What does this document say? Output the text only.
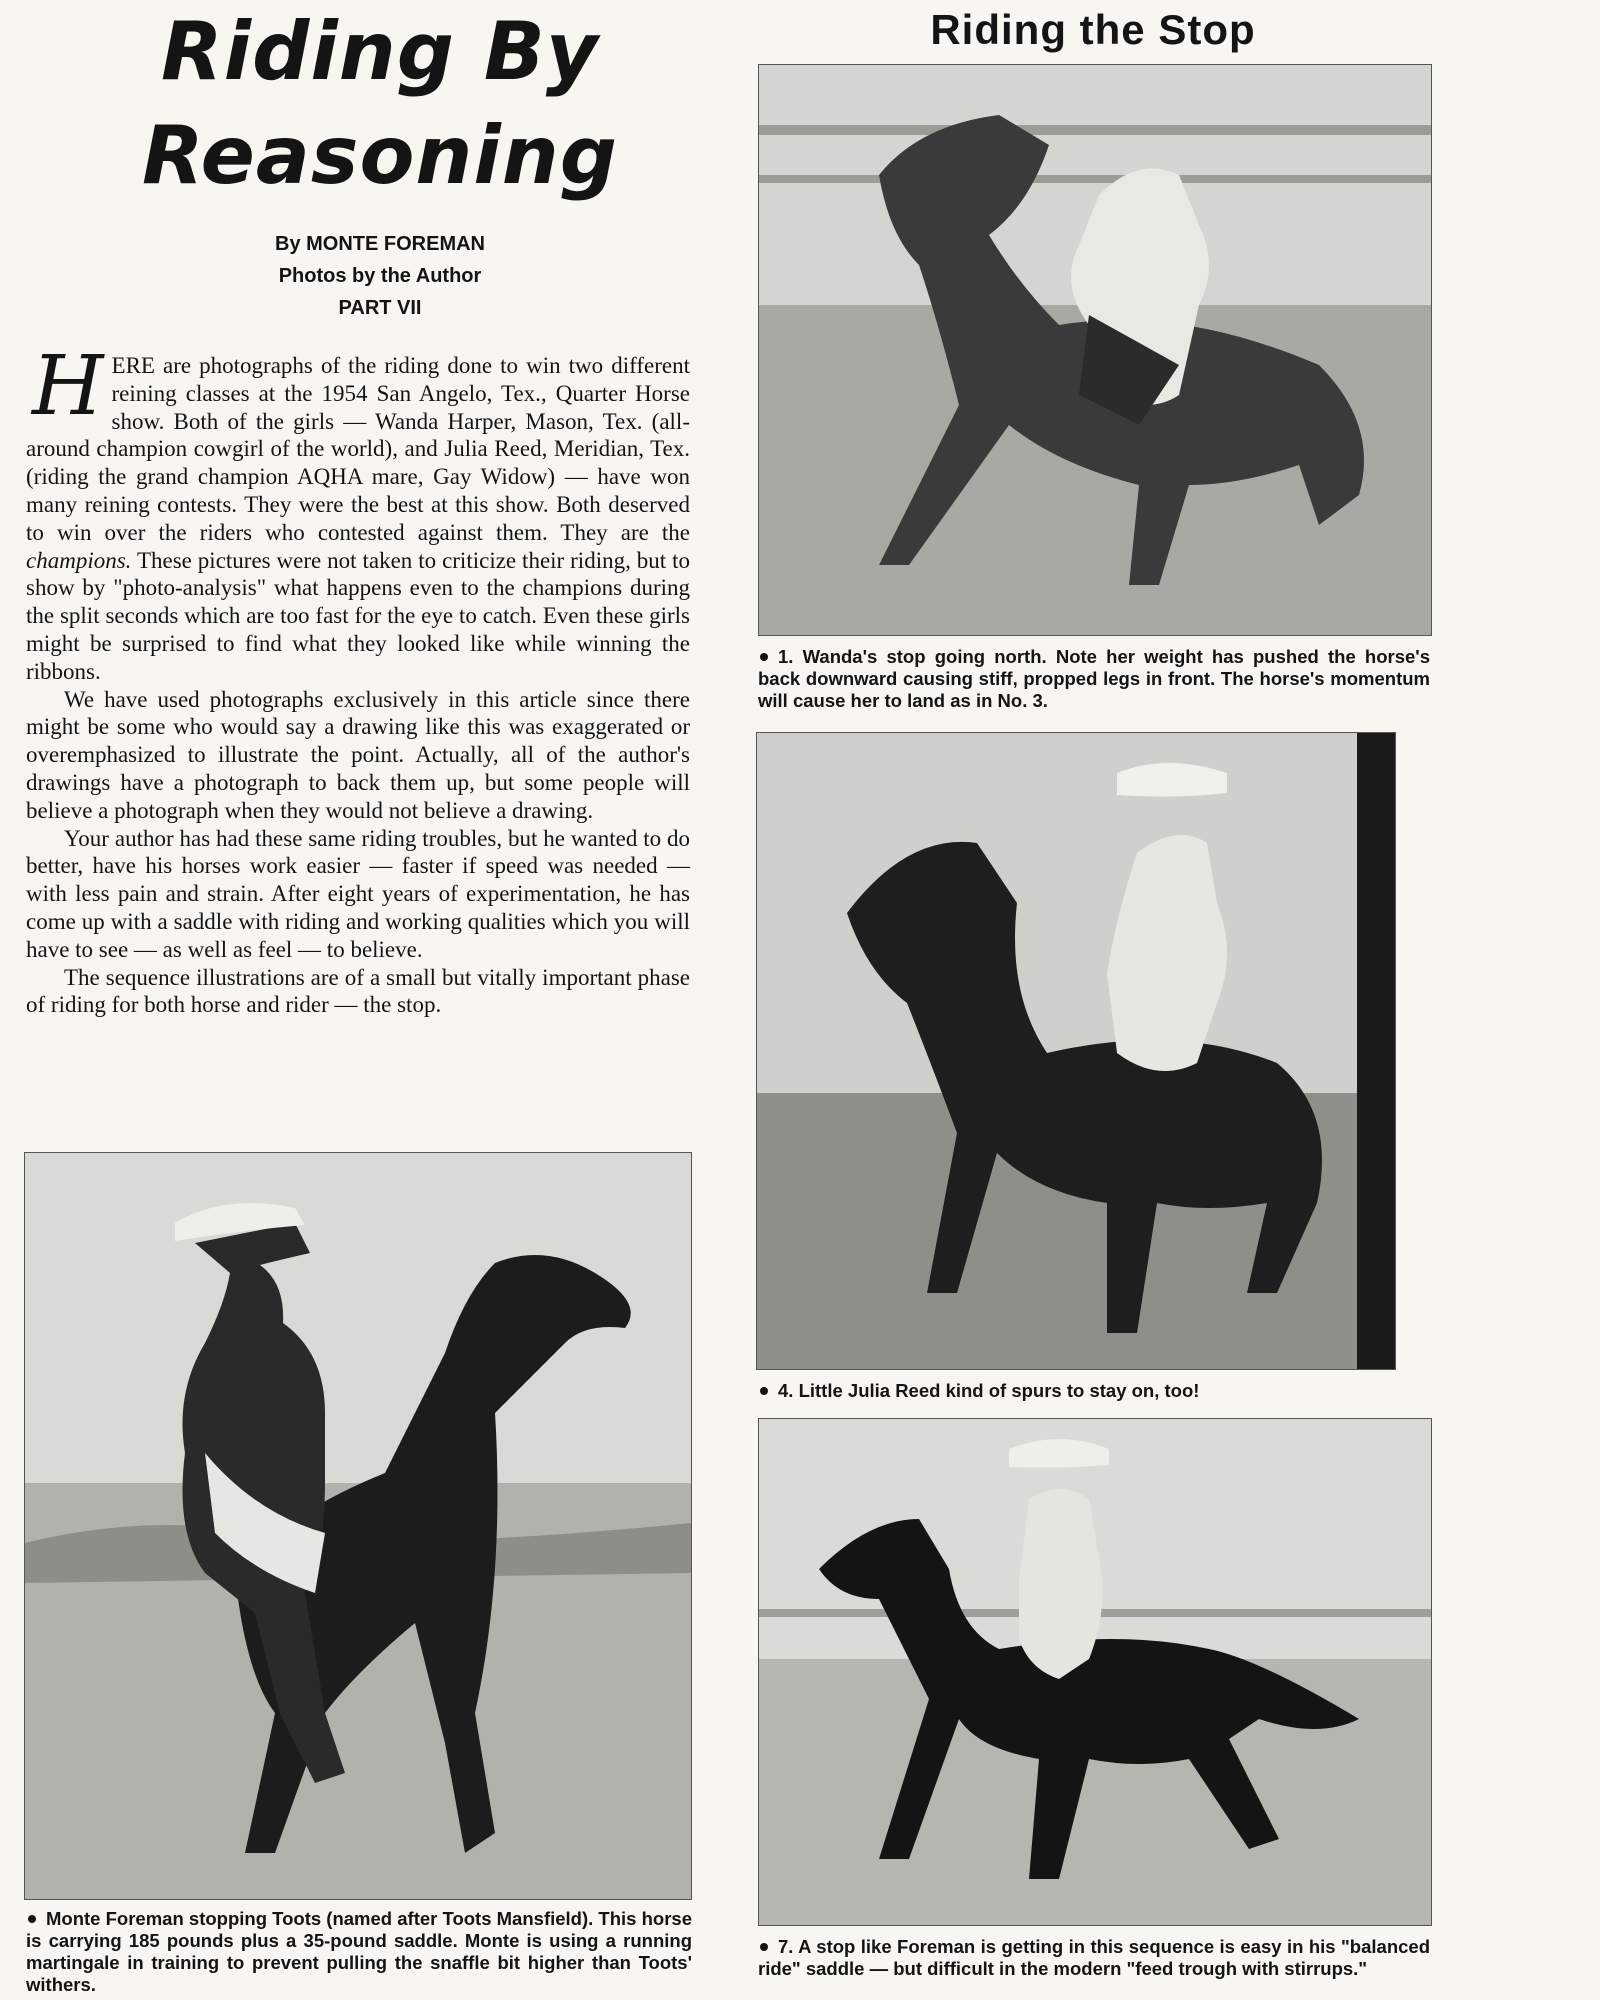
Riding By
Reasoning
By MONTE FOREMAN
Photos by the Author
PART VII

HERE are photographs of the riding done to win two different reining classes at the 1954 San Angelo, Tex., Quarter Horse show. Both of the girls — Wanda Harper, Mason, Tex. (all-around champion cowgirl of the world), and Julia Reed, Meridian, Tex. (riding the grand champion AQHA mare, Gay Widow) — have won many reining contests. They were the best at this show. Both deserved to win over the riders who contested against them. They are the champions. These pictures were not taken to criticize their riding, but to show by "photo-analysis" what happens even to the champions during the split seconds which are too fast for the eye to catch. Even these girls might be surprised to find what they looked like while winning the ribbons.

We have used photographs exclusively in this article since there might be some who would say a drawing like this was exaggerated or overemphasized to illustrate the point. Actually, all of the author's drawings have a photograph to back them up, but some people will believe a photograph when they would not believe a drawing.

Your author has had these same riding troubles, but he wanted to do better, have his horses work easier — faster if speed was needed — with less pain and strain. After eight years of experimentation, he has come up with a saddle with riding and working qualities which you will have to see — as well as feel — to believe.

The sequence illustrations are of a small but vitally important phase of riding for both horse and rider — the stop.

Monte Foreman stopping Toots (named after Toots Mansfield). This horse is carrying 185 pounds plus a 35-pound saddle. Monte is using a running martingale in training to prevent pulling the snaffle bit higher than Toots' withers.
Riding the Stop
1. Wanda's stop going north. Note her weight has pushed the horse's back downward causing stiff, propped legs in front. The horse's momentum will cause her to land as in No. 3.
4. Little Julia Reed kind of spurs to stay on, too!
7. A stop like Foreman is getting in this sequence is easy in his "balanced ride" saddle — but difficult in the modern "feed trough with stirrups."
